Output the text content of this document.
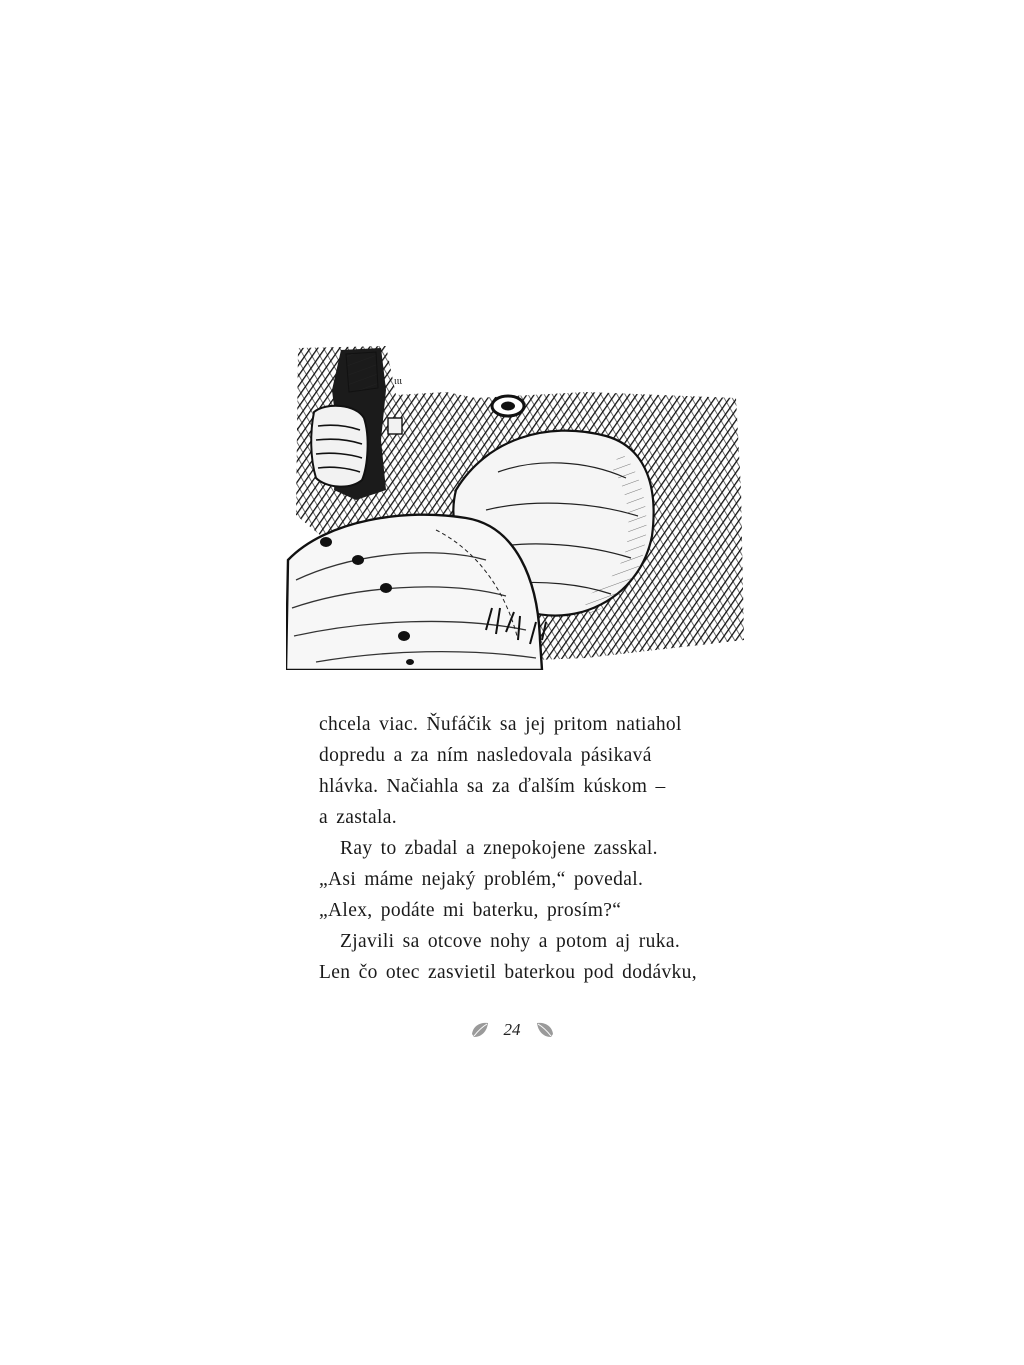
ιιι
chcela viac. Ňufáčik sa jej pritom natiahol
dopredu a za ním nasledovala pásikavá
hlávka. Načiahla sa za ďalším kúskom –
a zastala.
Ray to zbadal a znepokojene zasskal.
„Asi máme nejaký problém,“ povedal.
„Alex, podáte mi baterku, prosím?“
Zjavili sa otcove nohy a potom aj ruka.
Len čo otec zasvietil baterkou pod dodávku,
24
